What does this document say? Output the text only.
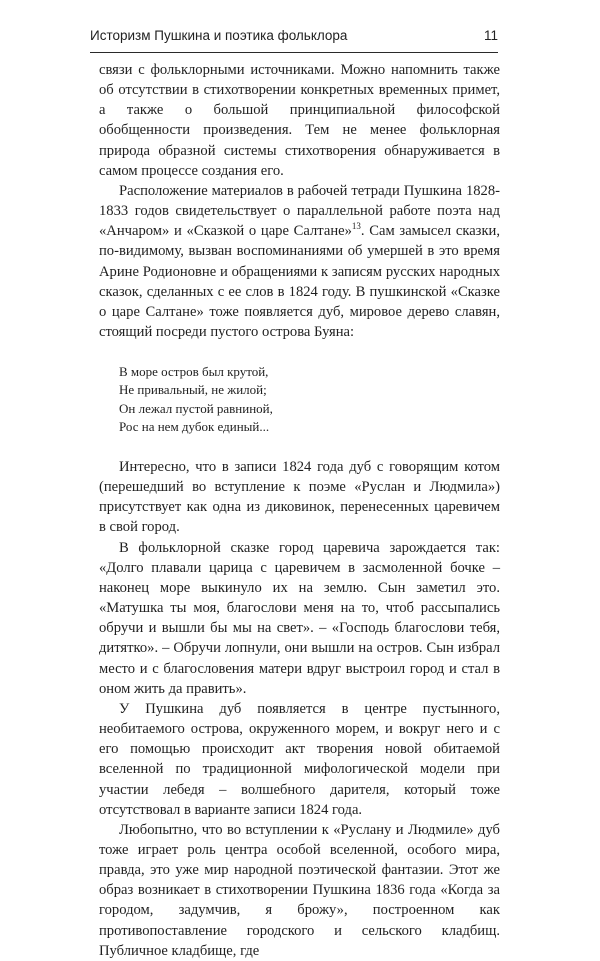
Историзм Пушкина и поэтика фольклора	11

связи с фольклорными источниками. Можно напомнить также об отсутствии в стихотворении конкретных временных примет, а также о большой принципиальной философской обобщенности произведения. Тем не менее фольклорная природа образной системы стихотворения обнаруживается в самом процессе создания его.

Расположение материалов в рабочей тетради Пушкина 1828-1833 годов свидетельствует о параллельной работе поэта над «Анчаром» и «Сказкой о царе Салтане»$^{13}$. Сам замысел сказки, по-видимому, вызван воспоминаниями об умершей в это время Арине Родионовне и обращениями к записям русских народных сказок, сделанных с ее слов в 1824 году. В пушкинской «Сказке о царе Салтане» тоже появляется дуб, мировое дерево славян, стоящий посреди пустого острова Буяна:

В море остров был крутой,
Не привальный, не жилой;
Он лежал пустой равниной,
Рос на нем дубок единый...

Интересно, что в записи 1824 года дуб с говорящим котом (перешедший во вступление к поэме «Руслан и Людмила») присутствует как одна из диковинок, перенесенных царевичем в свой город.

В фольклорной сказке город царевича зарождается так: «Долго плавали царица с царевичем в засмоленной бочке – наконец море выкинуло их на землю. Сын заметил это. «Матушка ты моя, благослови меня на то, чтоб рассыпались обручи и вышли бы мы на свет». – «Господь благослови тебя, дитятко». – Обручи лопнули, они вышли на остров. Сын избрал место и с благословения матери вдруг выстроил город и стал в оном жить да править».

У Пушкина дуб появляется в центре пустынного, необитаемого острова, окруженного морем, и вокруг него и с его помощью происходит акт творения новой обитаемой вселенной по традиционной мифологической модели при участии лебедя – волшебного дарителя, который тоже отсутствовал в варианте записи 1824 года.

Любопытно, что во вступлении к «Руслану и Людмиле» дуб тоже играет роль центра особой вселенной, особого мира, правда, это уже мир народной поэтической фантазии. Этот же образ возникает в стихотворении Пушкина 1836 года «Когда за городом, задумчив, я брожу», построенном как противопоставление городского и сельского кладбищ. Публичное кладбище, где
